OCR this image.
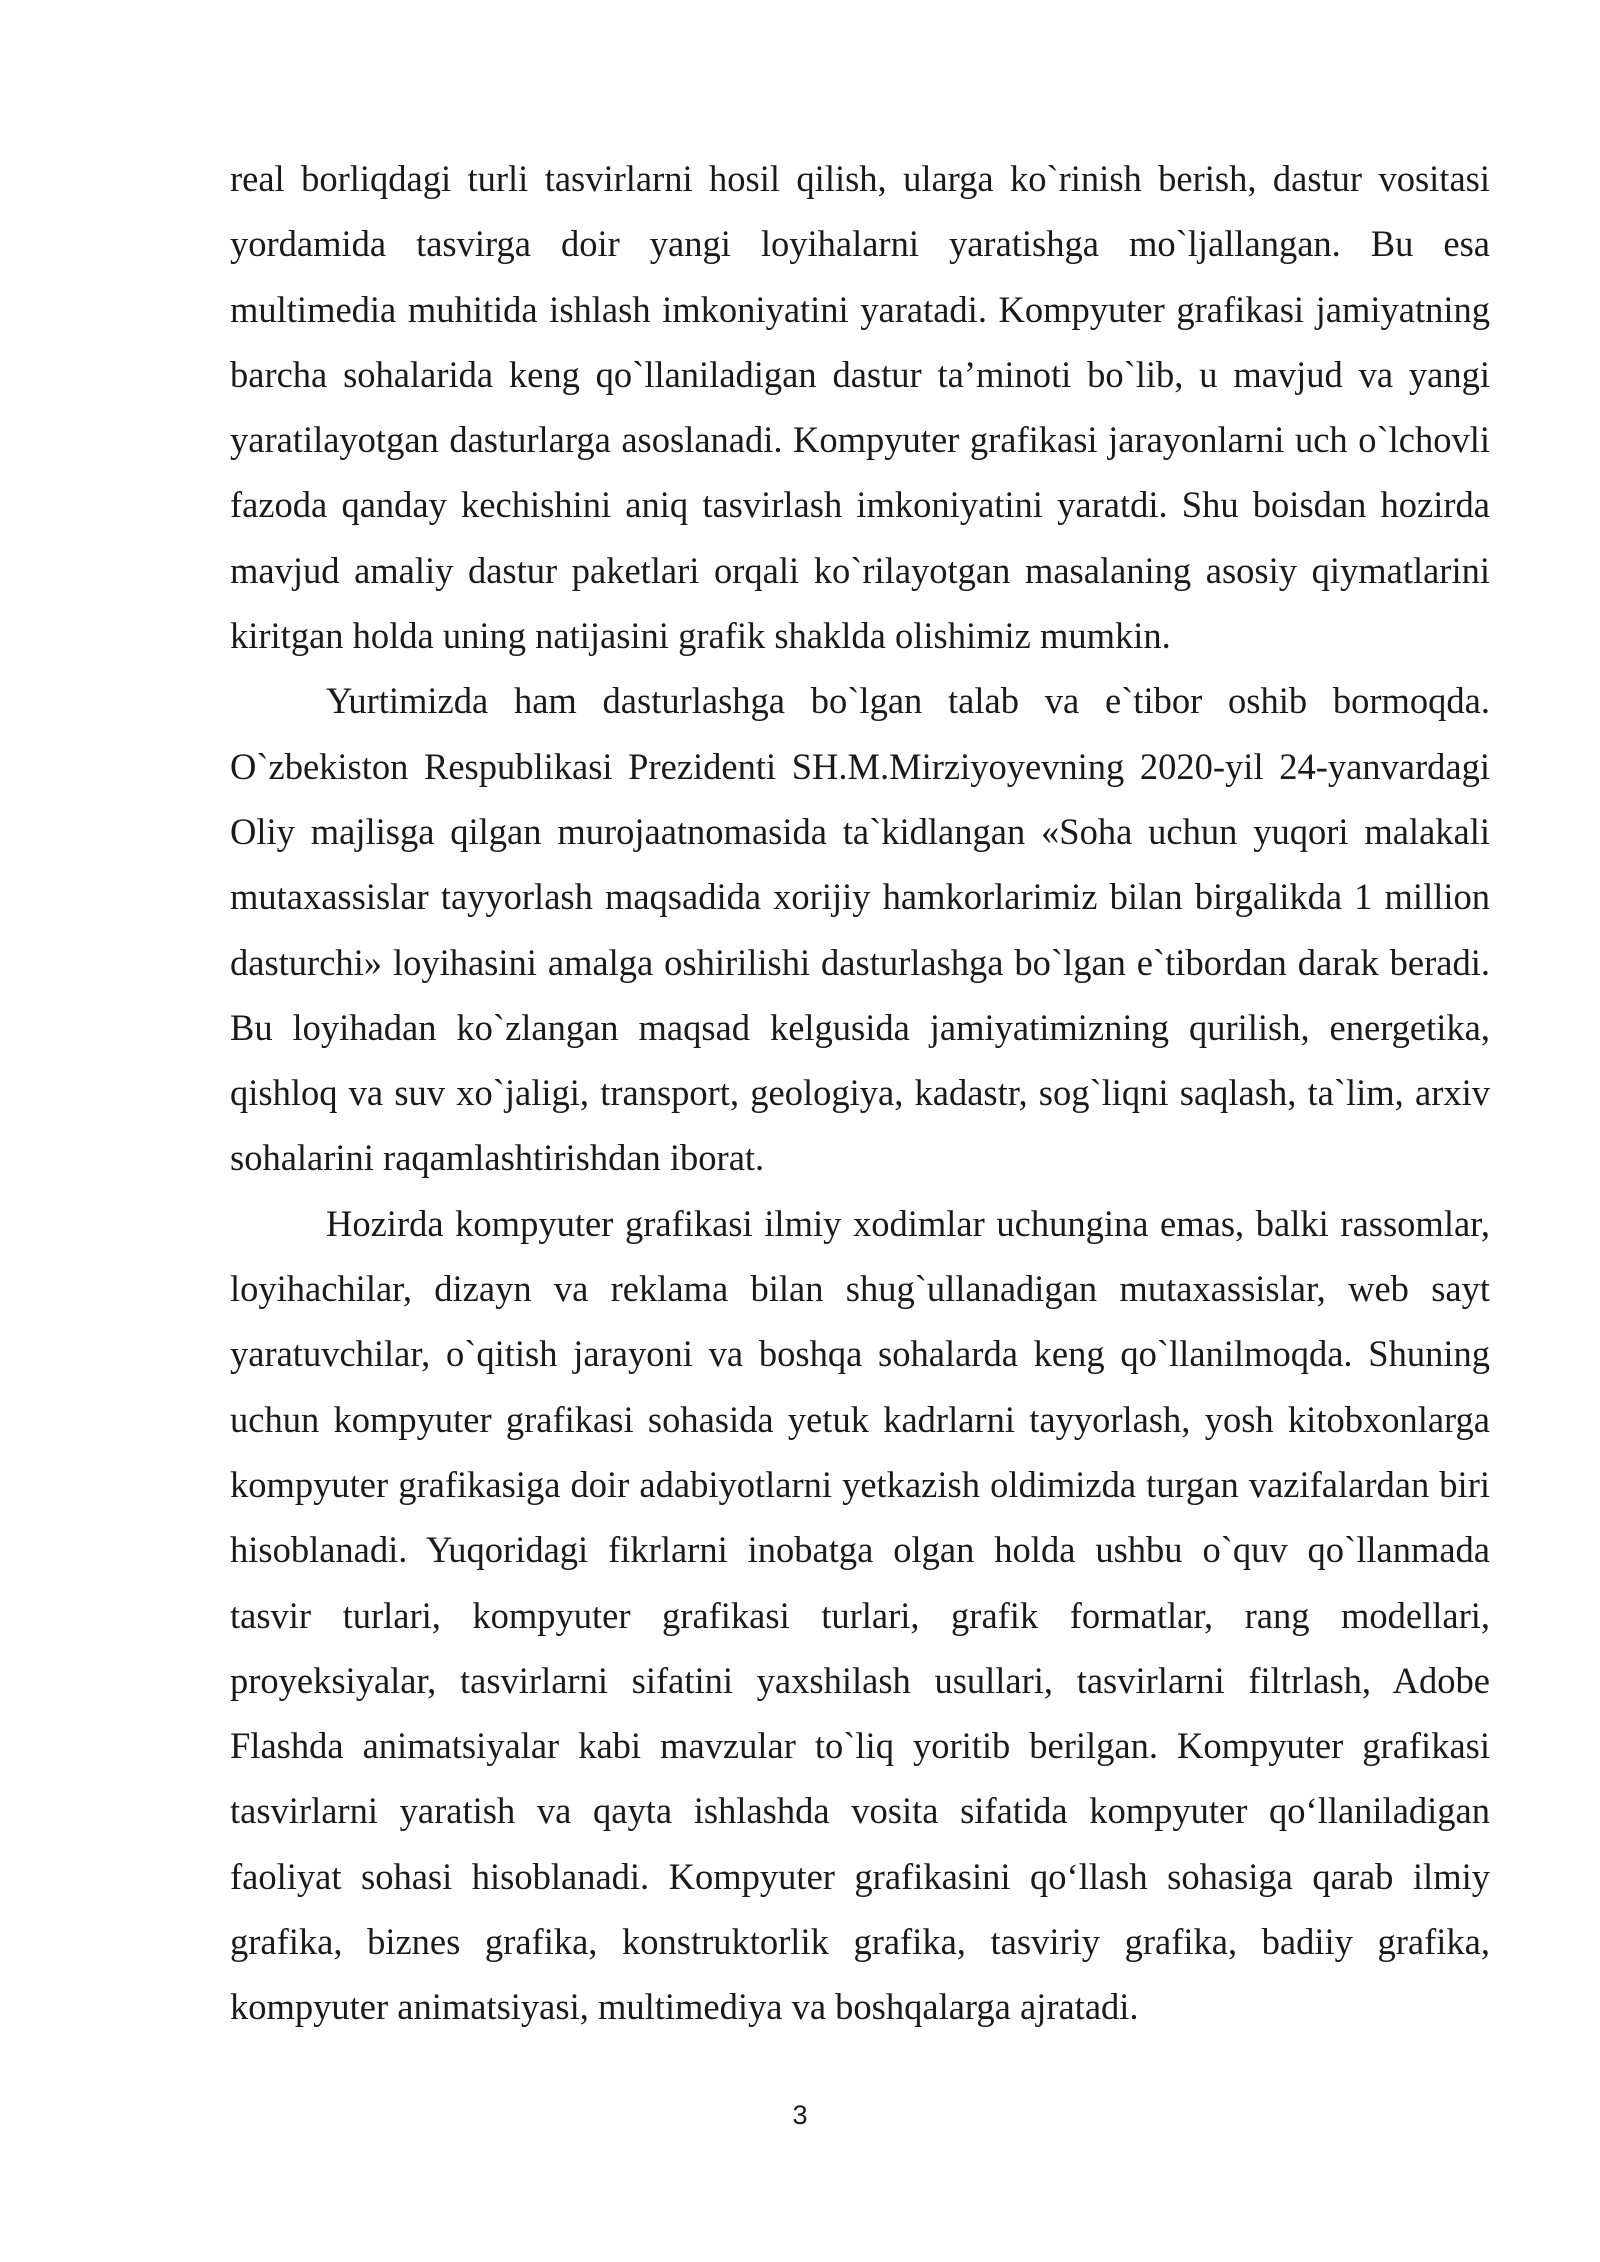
real borliqdagi turli tasvirlarni hosil qilish, ularga ko`rinish berish, dastur vositasi yordamida tasvirga doir yangi loyihalarni yaratishga mo`ljallangan. Bu esa multimedia muhitida ishlash imkoniyatini yaratadi. Kompyuter grafikasi jamiyatning barcha sohalarida keng qo`llaniladigan dastur ta’minoti bo`lib, u mavjud va yangi yaratilayotgan dasturlarga asoslanadi. Kompyuter grafikasi jarayonlarni uch o`lchovli fazoda qanday kechishini aniq tasvirlash imkoniyatini yaratdi. Shu boisdan hozirda mavjud amaliy dastur paketlari orqali ko`rilayotgan masalaning asosiy qiymatlarini kiritgan holda uning natijasini grafik shaklda olishimiz mumkin.

Yurtimizda ham dasturlashga bo`lgan talab va e`tibor oshib bormoqda. O`zbekiston Respublikasi Prezidenti SH.M.Mirziyoyevning 2020-yil 24-yanvardagi Oliy majlisga qilgan murojaatnomasida ta`kidlangan «Soha uchun yuqori malakali mutaxassislar tayyorlash maqsadida xorijiy hamkorlarimiz bilan birgalikda 1 million dasturchi» loyihasini amalga oshirilishi dasturlashga bo`lgan e`tibordan darak beradi. Bu loyihadan ko`zlangan maqsad kelgusida jamiyatimizning qurilish, energetika, qishloq va suv xo`jaligi, transport, geologiya, kadastr, sog`liqni saqlash, ta`lim, arxiv sohalarini raqamlashtirishdan iborat.

Hozirda kompyuter grafikasi ilmiy xodimlar uchungina emas, balki rassomlar, loyihachilar, dizayn va reklama bilan shug`ullanadigan mutaxassislar, web sayt yaratuvchilar, o`qitish jarayoni va boshqa sohalarda keng qo`llanilmoqda. Shuning uchun kompyuter grafikasi sohasida yetuk kadrlarni tayyorlash, yosh kitobxonlarga kompyuter grafikasiga doir adabiyotlarni yetkazish oldimizda turgan vazifalardan biri hisoblanadi. Yuqoridagi fikrlarni inobatga olgan holda ushbu o`quv qo`llanmada tasvir turlari, kompyuter grafikasi turlari, grafik formatlar, rang modellari, proyeksiyalar, tasvirlarni sifatini yaxshilash usullari, tasvirlarni filtrlash, Adobe Flashda animatsiyalar kabi mavzular to`liq yoritib berilgan. Kompyuter grafikasi tasvirlarni yaratish va qayta ishlashda vosita sifatida kompyuter qo‘llaniladigan faoliyat sohasi hisoblanadi. Kompyuter grafikasini qo‘llash sohasiga qarab ilmiy grafika, biznes grafika, konstruktorlik grafika, tasviriy grafika, badiiy grafika, kompyuter animatsiyasi, multimediya va boshqalarga ajratadi.

3
